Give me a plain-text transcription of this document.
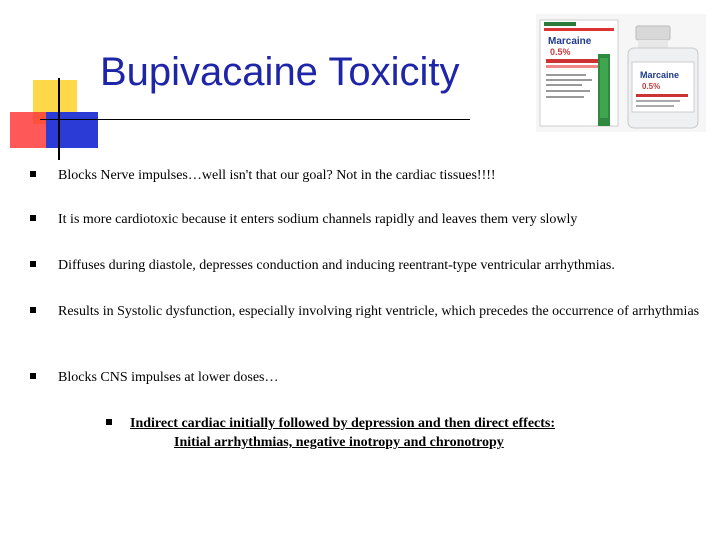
Bupivacaine Toxicity
Marcaine
0.5%
Marcaine
0.5%
Blocks Nerve impulses…well isn't that our goal? Not in the cardiac tissues!!!!
It is more cardiotoxic because it enters sodium channels rapidly and leaves them very slowly
Diffuses during diastole, depresses conduction and inducing reentrant-type ventricular arrhythmias.
Results in Systolic dysfunction, especially involving right ventricle, which precedes the occurrence of arrhythmias
Blocks CNS impulses at lower doses…
Indirect cardiac initially followed by depression and then direct effects:
Initial arrhythmias, negative inotropy and chronotropy
